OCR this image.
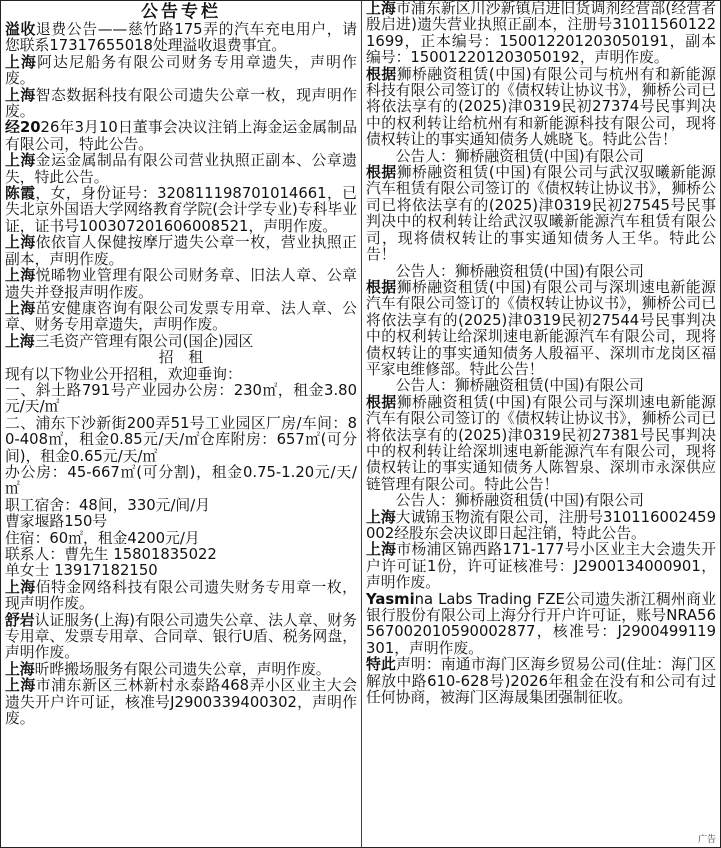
公告专栏

溢收退费公告——慈竹路175弄的汽车充电用户，请您联系17317655018处理溢收退费事宜。

上海阿达尼船务有限公司财务专用章遗失，声明作废。

上海智态数据科技有限公司遗失公章一枚，现声明作废。

经2026年3月10日董事会决议注销上海金运金属制品有限公司，特此公告。

上海金运金属制品有限公司营业执照正副本、公章遗失，特此公告。

陈霞，女，身份证号：320811198701014661，已失北京外国语大学网络教育学院(会计学专业)专科毕业证，证书号100307201606008521，声明作废。

上海依依盲人保健按摩厅遗失公章一枚，营业执照正副本，声明作废。

上海悦晞物业管理有限公司财务章、旧法人章、公章遗失并登报声明作废。

上海茁安健康咨询有限公司发票专用章、法人章、公章、财务专用章遗失，声明作废。

上海三毛资产管理有限公司(国企)园区

招　租

现有以下物业公开招租，欢迎垂询：

一、斜土路791号产业园办公房：230㎡，租金3.80元/天/㎡

二、浦东下沙新街200弄51号工业园区厂房/车间：80-408㎡，租金0.85元/天/㎡仓库附房：657㎡(可分间)，租金0.65元/天/㎡

办公房：45-667㎡(可分割)，租金0.75-1.20元/天/㎡

职工宿舍：48间，330元/间/月

曹家堰路150号

住宿：60㎡，租金4200元/月

联系人：曹先生 15801835022

单女士 13917182150

上海佰特金网络科技有限公司遗失财务专用章一枚，现声明作废。

舒岩认证服务(上海)有限公司遗失公章、法人章、财务专用章、发票专用章、合同章、银行U盾、税务网盘，声明作废。

上海昕晔搬场服务有限公司遗失公章，声明作废。

上海市浦东新区三林新村永泰路468弄小区业主大会遗失开户许可证，核准号J2900339400302，声明作废。

上海市浦东新区川沙新镇启进旧货调剂经营部(经营者殷启进)遗失营业执照正副本，注册号310115601221699，正本编号：150012201203050191，副本编号：150012201203050192，声明作废。

根据狮桥融资租赁(中国)有限公司与杭州有和新能源科技有限公司签订的《债权转让协议书》，狮桥公司已将依法享有的(2025)津0319民初27374号民事判决中的权利转让给杭州有和新能源科技有限公司，现将债权转让的事实通知债务人姚晓飞。特此公告！

公告人：狮桥融资租赁(中国)有限公司

根据狮桥融资租赁(中国)有限公司与武汉驭曦新能源汽车租赁有限公司签订的《债权转让协议书》，狮桥公司已将依法享有的(2025)津0319民初27545号民事判决中的权利转让给武汉驭曦新能源汽车租赁有限公司，现将债权转让的事实通知债务人王华。特此公告！

公告人：狮桥融资租赁(中国)有限公司

根据狮桥融资租赁(中国)有限公司与深圳速电新能源汽车有限公司签订的《债权转让协议书》，狮桥公司已将依法享有的(2025)津0319民初27544号民事判决中的权利转让给深圳速电新能源汽车有限公司，现将债权转让的事实通知债务人殷福平、深圳市龙岗区福平家电维修部。特此公告！

公告人：狮桥融资租赁(中国)有限公司

根据狮桥融资租赁(中国)有限公司与深圳速电新能源汽车有限公司签订的《债权转让协议书》，狮桥公司已将依法享有的(2025)津0319民初27381号民事判决中的权利转让给深圳速电新能源汽车有限公司，现将债权转让的事实通知债务人陈智泉、深圳市永深供应链管理有限公司。特此公告！

公告人：狮桥融资租赁(中国)有限公司

上海大诚锦玉物流有限公司，注册号310116002459002经股东会决议即日起注销，特此公告。

上海市杨浦区锦西路171-177号小区业主大会遗失开户许可证1份，许可证核准号：J2900134000901，声明作废。

Yasmina Labs Trading FZE公司遗失浙江稠州商业银行股份有限公司上海分行开户许可证，账号NRA56567002010590002877，核准号：J2900499119301，声明作废。

特此声明：南通市海门区海乡贸易公司(住址：海门区解放中路610-628号)2026年租金在没有和公司有过任何协商，被海门区海晟集团强制征收。

广告
